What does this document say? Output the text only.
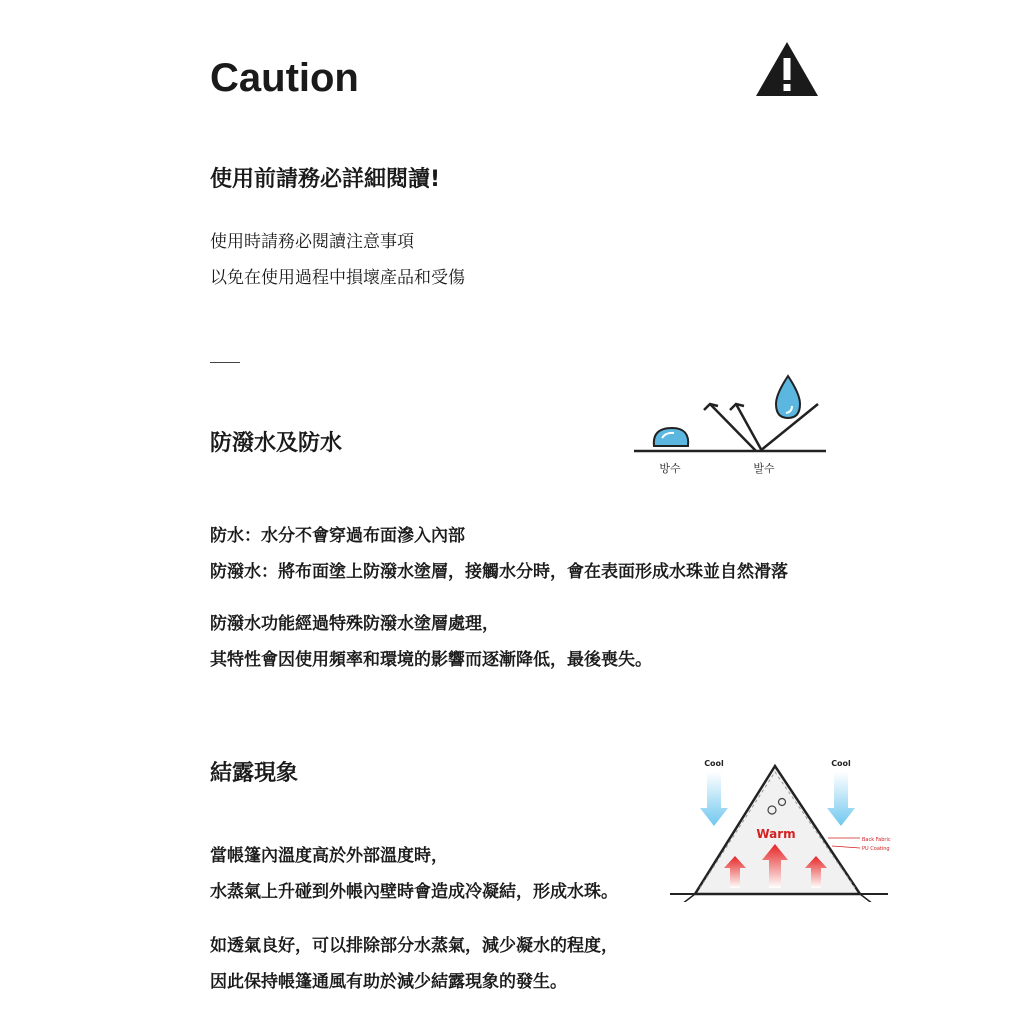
Caution
使用前請務必詳細閱讀!
使用時請務必閱讀注意事項
以免在使用過程中損壞產品和受傷
防潑水及防水
방수	발수
防水：水分不會穿過布面滲入內部
防潑水：將布面塗上防潑水塗層，接觸水分時，會在表面形成水珠並自然滑落
防潑水功能經過特殊防潑水塗層處理，
其特性會因使用頻率和環境的影響而逐漸降低，最後喪失。
結露現象	Cool	Cool
Warm	Back Fabric
PU Coating
當帳篷內溫度高於外部溫度時，
水蒸氣上升碰到外帳內壁時會造成冷凝結，形成水珠。
如透氣良好，可以排除部分水蒸氣，減少凝水的程度，
因此保持帳篷通風有助於減少結露現象的發生。
